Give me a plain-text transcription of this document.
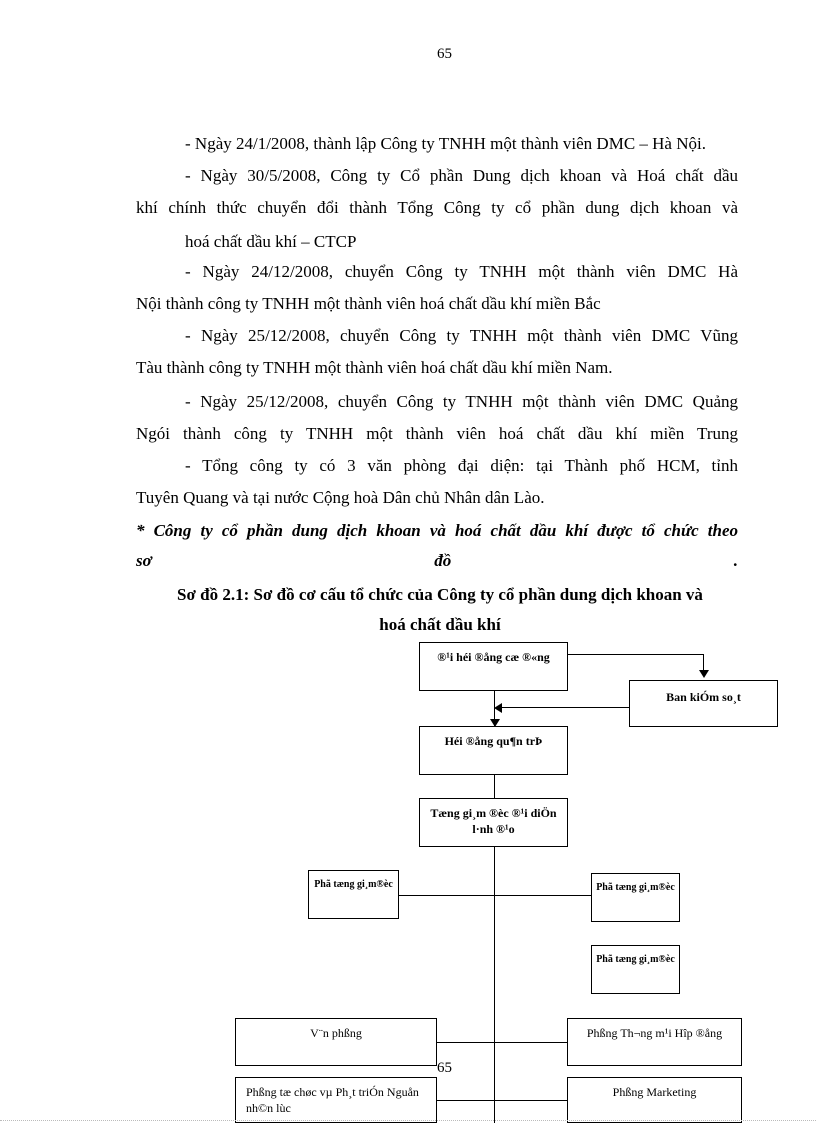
65
- Ngày 24/1/2008, thành lập Công ty TNHH một thành viên DMC – Hà Nội.
- Ngày 30/5/2008, Công ty Cổ phần Dung dịch khoan và Hoá chất dầu
khí chính thức chuyển đổi thành Tổng Công ty cổ phần dung dịch khoan và
hoá chất dầu khí – CTCP
- Ngày 24/12/2008, chuyển Công ty TNHH một thành viên DMC Hà
Nội thành công ty TNHH một thành viên hoá chất dầu khí miền Bắc
- Ngày 25/12/2008, chuyển Công ty TNHH một thành viên DMC Vũng
Tàu thành công ty TNHH một thành viên hoá chất dầu khí miền Nam.
- Ngày 25/12/2008, chuyển Công ty TNHH một thành viên DMC Quảng
Ngói thành công ty TNHH một thành viên hoá chất dầu khí miền Trung
- Tổng công ty có 3 văn phòng đại diện: tại Thành phố HCM, tỉnh
Tuyên Quang và tại nước Cộng hoà Dân chủ Nhân dân Lào.
* Công ty cổ phần dung dịch khoan và hoá chất dầu khí được tổ chức theo
sơ	đồ	.
Sơ đồ 2.1: Sơ đồ cơ cấu tổ chức của Công ty cổ phần dung dịch khoan và
hoá chất dầu khí
®¹i héi ®ång cæ ®«ng
Ban kiÓm so¸t
Héi ®ång qu¶n trÞ
Tæng gi¸m ®èc ®¹i diÖn l·nh ®¹o
Phã tæng gi¸m®èc	Phã tæng gi¸m®èc
Phã tæng gi¸m®èc
V¨n phßng	Phßng Th¬ng m¹i Hîp ®ång
Phßng tæ chøc vµ Ph¸t triÓn Nguån nh©n lùc
Phßng Marketing
65
